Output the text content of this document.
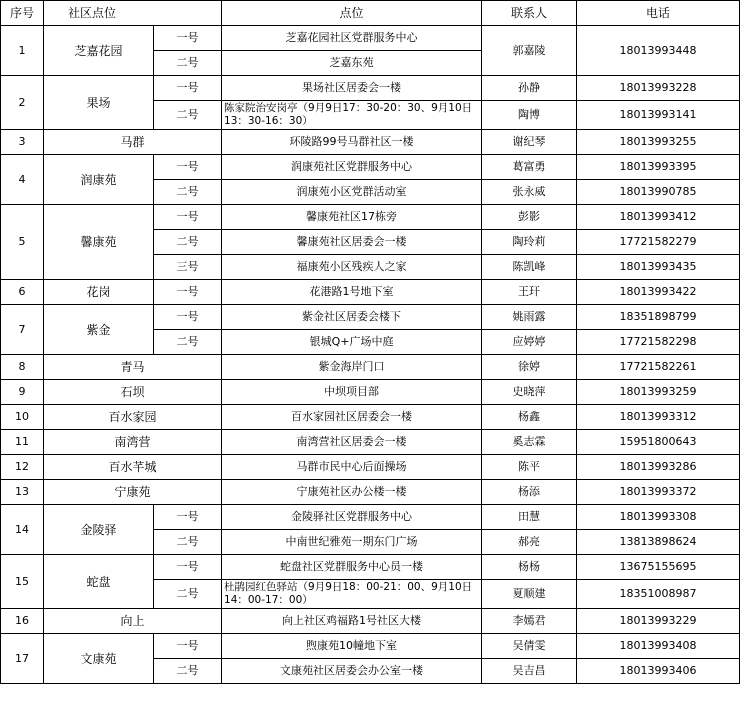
序号	社区点位		点位	联系人	电话
1	芝嘉花园	一号	芝嘉花园社区党群服务中心	郭嘉陵	18013993448
		二号	芝嘉东苑		
2	果场	一号	果场社区居委会一楼	孙静	18013993228
		二号	陈家院治安岗亭（9月9日17：30-20：30、9月10日13：30-16：30）	陶博	18013993141
3	马群		环陵路99号马群社区一楼	谢纪琴	18013993255
4	润康苑	一号	润康苑社区党群服务中心	葛富勇	18013993395
		二号	润康苑小区党群活动室	张永威	18013990785
5	馨康苑	一号	馨康苑社区17栋旁	彭影	18013993412
		二号	馨康苑社区居委会一楼	陶玲莉	17721582279
		三号	福康苑小区残疾人之家	陈凯峰	18013993435
6	花岗	一号	花港路1号地下室	王玕	18013993422
7	紫金	一号	紫金社区居委会楼下	姚雨露	18351898799
		二号	银城Q+广场中庭	应婷婷	17721582298
8	青马		紫金海岸门口	徐婷	17721582261
9	石坝		中坝项目部	史晓萍	18013993259
10	百水家园		百水家园社区居委会一楼	杨鑫	18013993312
11	南湾营		南湾营社区居委会一楼	奚志霖	15951800643
12	百水芊城		马群市民中心后面操场	陈平	18013993286
13	宁康苑		宁康苑社区办公楼一楼	杨添	18013993372
14	金陵驿	一号	金陵驿社区党群服务中心	田慧	18013993308
		二号	中南世纪雅苑一期东门广场	郝亮	13813898624
15	蛇盘	一号	蛇盘社区党群服务中心员一楼	杨杨	13675155695
		二号	杜鹃园红色驿站（9月9日18：00-21：00、9月10日14：00-17：00）	夏顺建	18351008987
16	向上		向上社区鸡福路1号社区大楼	李嫣君	18013993229
17	文康苑	一号	煦康苑10幢地下室	吴倩雯	18013993408
		二号	文康苑社区居委会办公室一楼	吴吉昌	18013993406
